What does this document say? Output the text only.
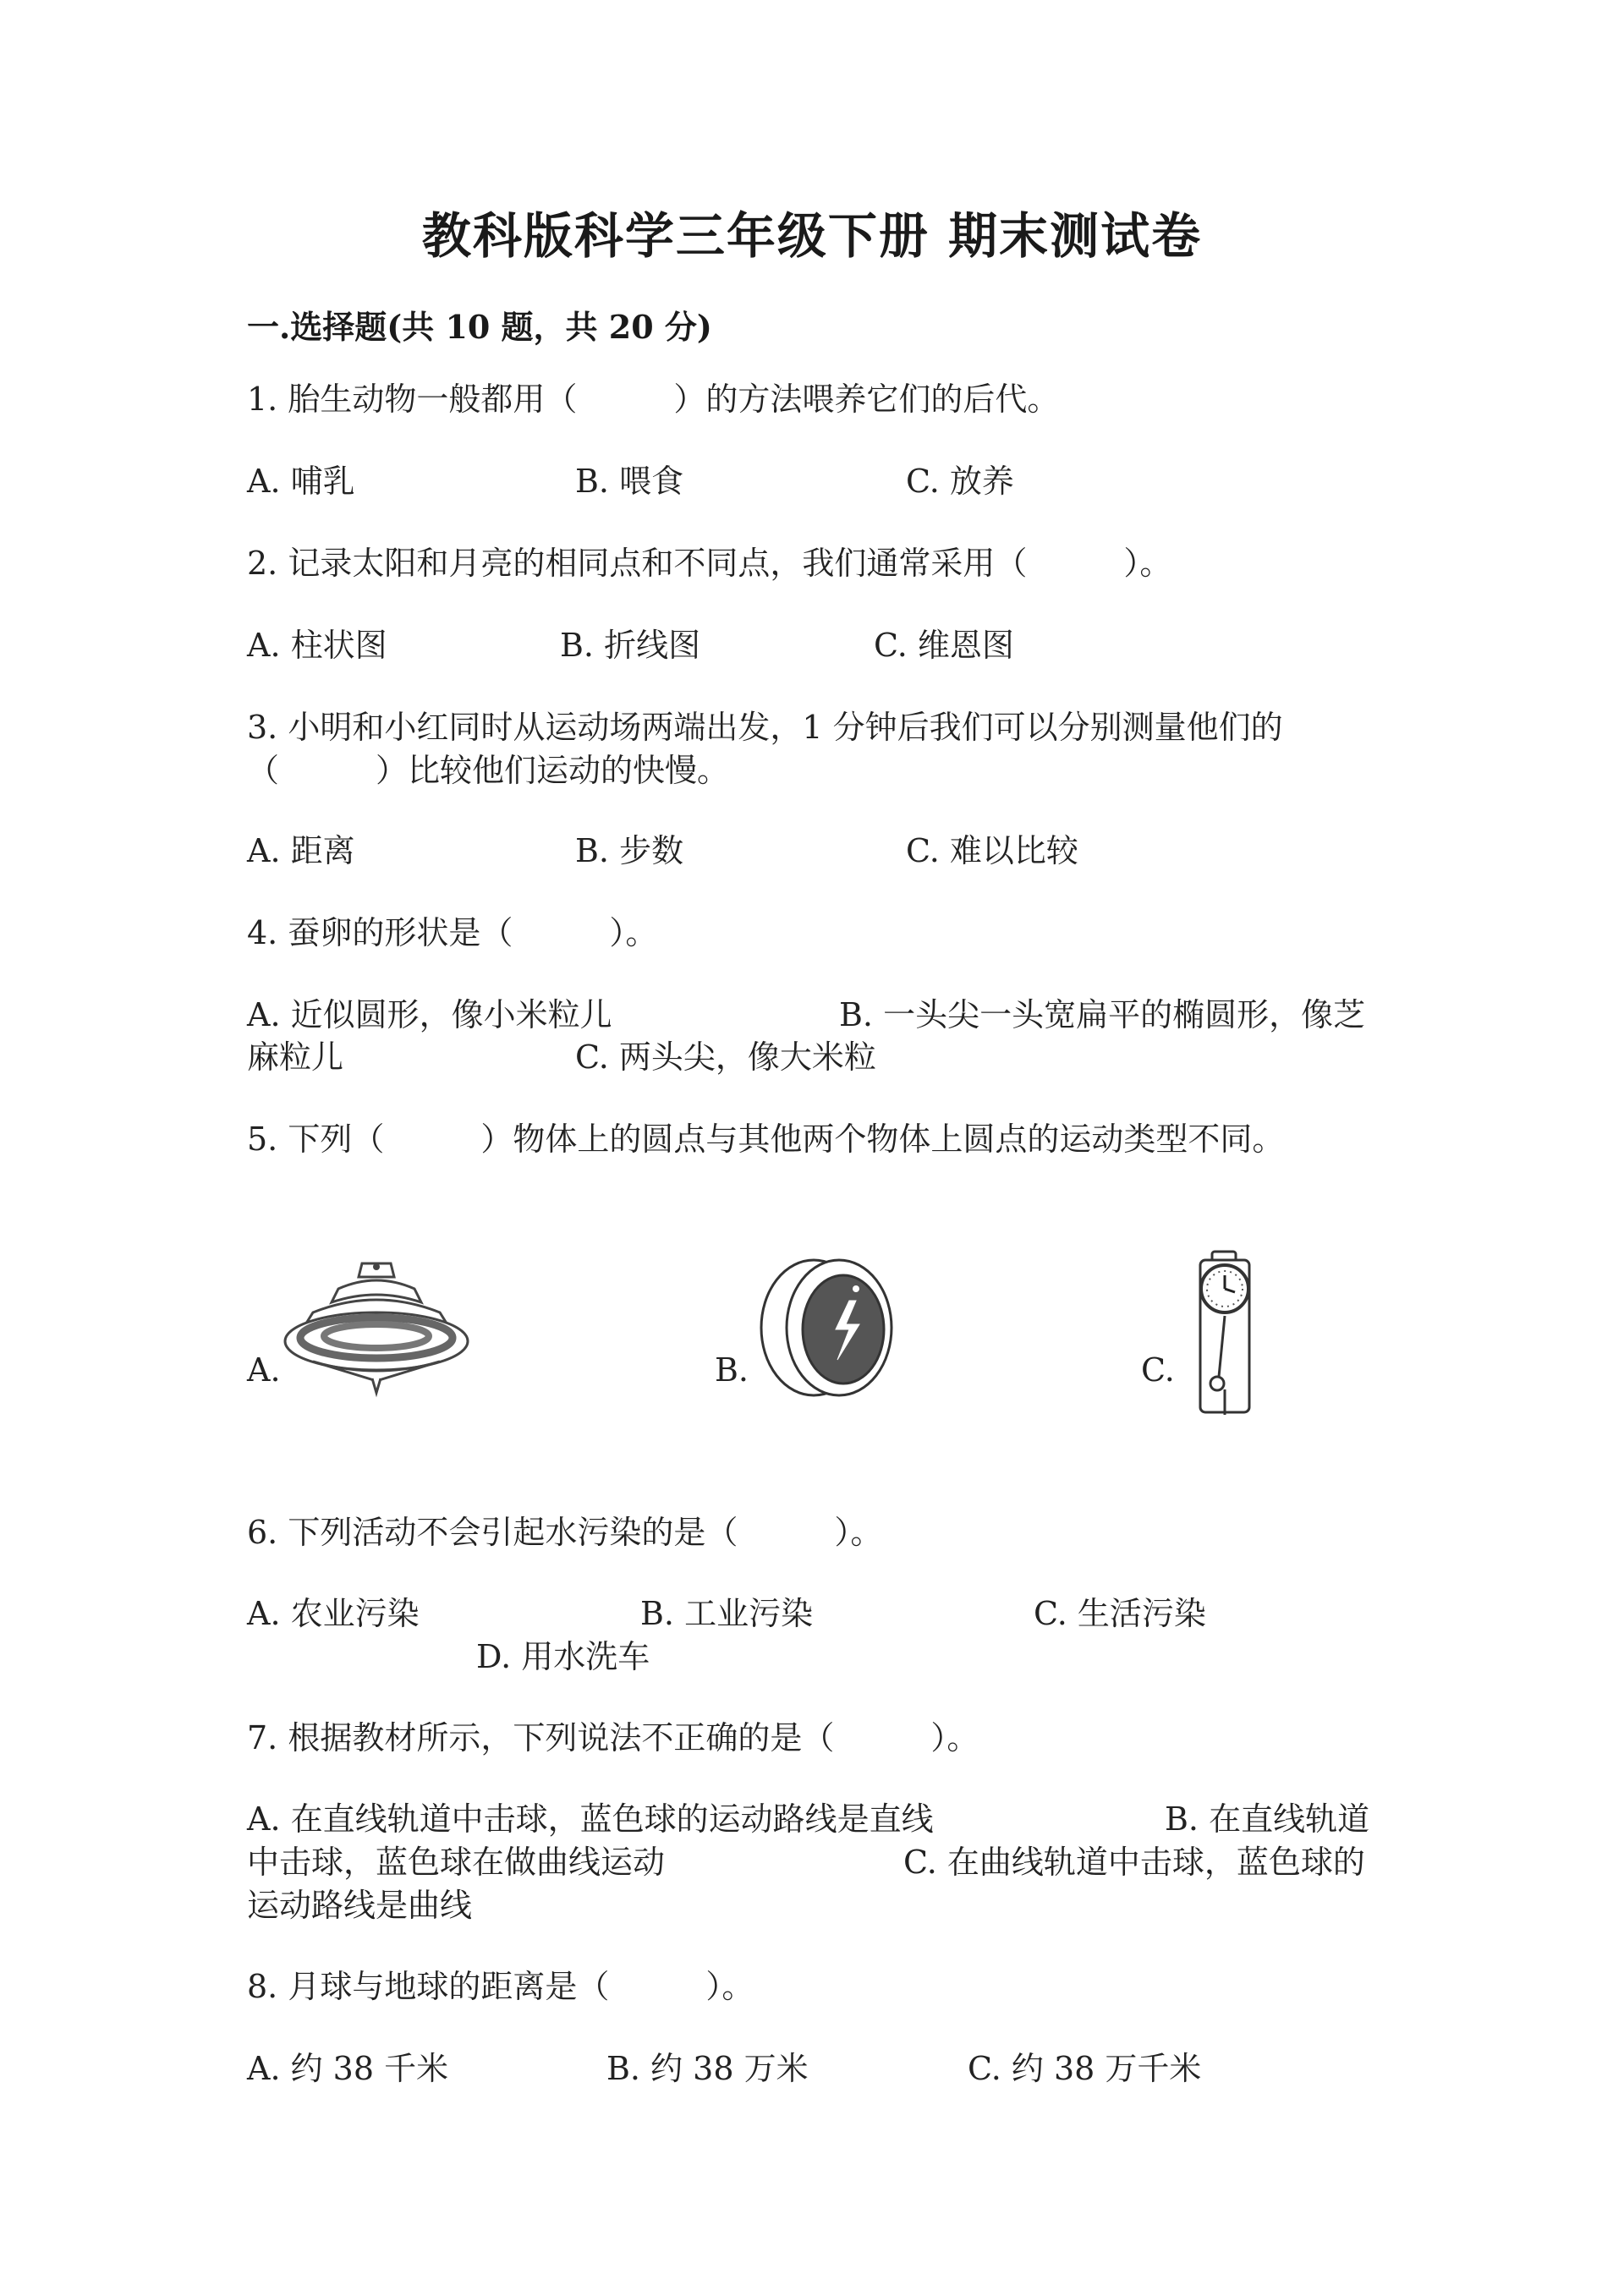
教科版科学三年级下册 期末测试卷
一.选择题(共 10 题，共 20 分)
1. 胎生动物一般都用（　　　）的方法喂养它们的后代。
A. 哺乳	B. 喂食	C. 放养
2. 记录太阳和月亮的相同点和不同点，我们通常采用（　　　）。
A. 柱状图	B. 折线图	C. 维恩图
3. 小明和小红同时从运动场两端出发，1 分钟后我们可以分别测量他们的
（　　　）比较他们运动的快慢。
A. 距离	B. 步数	C. 难以比较
4. 蚕卵的形状是（　　　）。
A. 近似圆形，像小米粒儿	B. 一头尖一头宽扁平的椭圆形，像芝
麻粒儿	C. 两头尖，像大米粒
5. 下列（　　　）物体上的圆点与其他两个物体上圆点的运动类型不同。
A.	B.	C.
6. 下列活动不会引起水污染的是（　　　）。
A. 农业污染	B. 工业污染	C. 生活污染
D. 用水洗车
7. 根据教材所示，下列说法不正确的是（　　　）。
A. 在直线轨道中击球，蓝色球的运动路线是直线	B. 在直线轨道
中击球，蓝色球在做曲线运动	C. 在曲线轨道中击球，蓝色球的
运动路线是曲线
8. 月球与地球的距离是（　　　）。
A. 约 38 千米	B. 约 38 万米	C. 约 38 万千米
